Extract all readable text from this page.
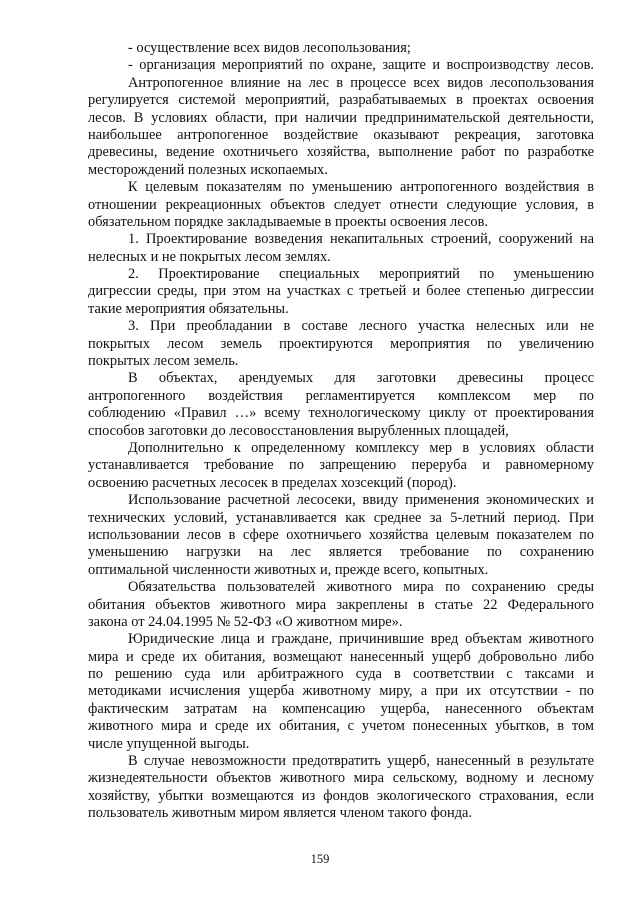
- осуществление всех видов лесопользования;
- организация мероприятий по охране, защите и воспроизводству лесов.
Антропогенное влияние на лес в процессе всех видов лесопользования
регулируется системой мероприятий, разрабатываемых в проектах освоения
лесов. В условиях области, при наличии предпринимательской деятельности,
наибольшее антропогенное воздействие оказывают рекреация, заготовка
древесины, ведение охотничьего хозяйства, выполнение работ по разработке
месторождений полезных ископаемых.
К целевым показателям по уменьшению антропогенного воздействия в
отношении рекреационных объектов следует отнести следующие условия, в
обязательном порядке закладываемые в проекты освоения лесов.
1. Проектирование возведения некапитальных строений, сооружений на
нелесных и не покрытых лесом землях.
2. Проектирование специальных мероприятий по уменьшению
дигрессии среды, при этом на участках с третьей и более степенью дигрессии
такие мероприятия обязательны.
3. При преобладании в составе лесного участка нелесных или не
покрытых лесом земель проектируются мероприятия по увеличению
покрытых лесом земель.
В объектах, арендуемых для заготовки древесины процесс
антропогенного воздействия регламентируется комплексом мер по
соблюдению «Правил …» всему технологическому циклу от проектирования
способов заготовки до лесовосстановления вырубленных площадей,
Дополнительно к определенному комплексу мер в условиях области
устанавливается требование по запрещению переруба и равномерному
освоению расчетных лесосек в пределах хозсекций (пород).
Использование расчетной лесосеки, ввиду применения экономических и
технических условий, устанавливается как среднее за 5-летний период. При
использовании лесов в сфере охотничьего хозяйства целевым показателем по
уменьшению нагрузки на лес является требование по сохранению
оптимальной численности животных и, прежде всего, копытных.
Обязательства пользователей животного мира по сохранению среды
обитания объектов животного мира закреплены в статье 22 Федерального
закона от 24.04.1995 № 52-ФЗ «О животном мире».
Юридические лица и граждане, причинившие вред объектам животного
мира и среде их обитания, возмещают нанесенный ущерб добровольно либо
по решению суда или арбитражного суда в соответствии с таксами и
методиками исчисления ущерба животному миру, а при их отсутствии - по
фактическим затратам на компенсацию ущерба, нанесенного объектам
животного мира и среде их обитания, с учетом понесенных убытков, в том
числе упущенной выгоды.
В случае невозможности предотвратить ущерб, нанесенный в результате
жизнедеятельности объектов животного мира сельскому, водному и лесному
хозяйству, убытки возмещаются из фондов экологического страхования, если
пользователь животным миром является членом такого фонда.
159
